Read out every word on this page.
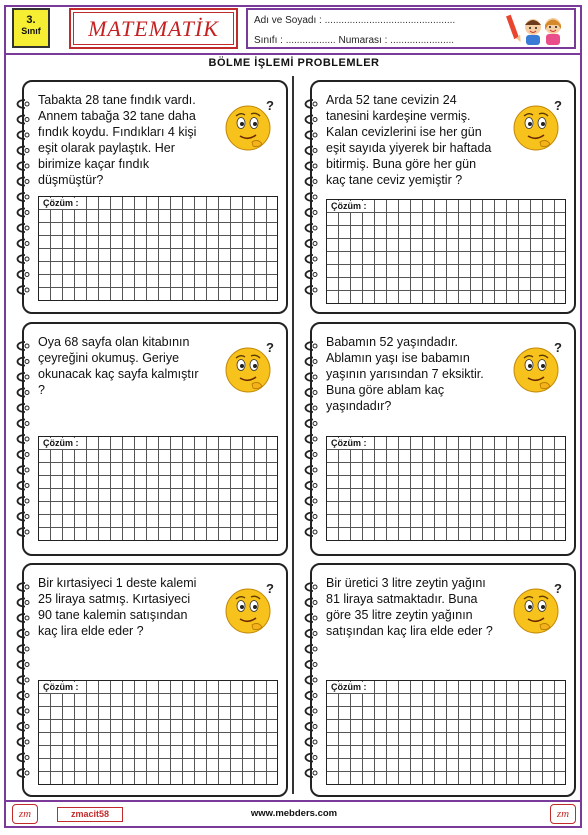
3.
Sınıf	MATEMATİK	Adı ve Soyadı : ...............................................
Sınıfı : .................. Numarası : .......................
BÖLME İŞLEMİ PROBLEMLER
Tabakta 28 tane fındık vardı. Annem tabağa 32 tane daha fındık koydu. Fındıkları 4 kişi eşit olarak paylaştık. Her birimize kaçar fındık düşmüştür?
?
Çözüm :
Arda 52 tane cevizin 24 tanesini kardeşine vermiş. Kalan cevizlerini ise her gün eşit sayıda yiyerek bir haftada bitirmiş. Buna göre her gün kaç tane ceviz yemiştir ?
?
Çözüm :
Oya 68 sayfa olan kitabının çeyreğini okumuş. Geriye okunacak kaç sayfa kalmıştır ?
?
Çözüm :
Babamın 52 yaşındadır. Ablamın yaşı ise babamın yaşının yarısından 7 eksiktir. Buna göre ablam kaç yaşındadır?
?
Çözüm :
Bir kırtasiyeci 1 deste kalemi 25 liraya satmış. Kırtasiyeci 90 tane kalemin satışından kaç lira elde eder ?
?
Çözüm :
Bir üretici 3 litre zeytin yağını 81 liraya satmaktadır. Buna göre 35 litre zeytin yağının satışından kaç lira elde eder ?
?
Çözüm :
zm	zmacit58	www.mebders.com	zm
